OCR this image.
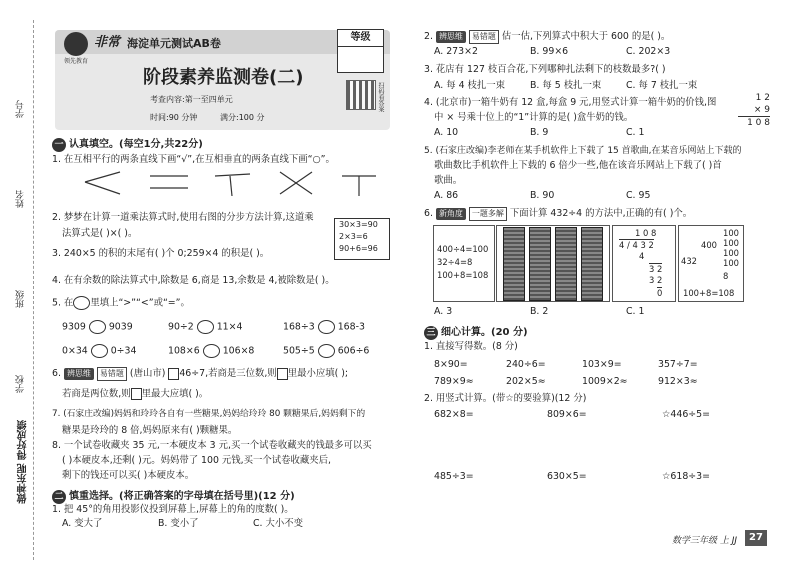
学号
姓名
班级
学校
做神东呢 得好成绩
领先教育
非常 海淀单元测试AB卷
阶段素养监测卷(二)
考查内容:第一至四单元
时间:90 分钟	满分:100 分
等级
扫码看答案
一 认真填空。(每空1分,共22分)
1. 在互相平行的两条直线下画“√”,在互相垂直的两条直线下画“○”。
2. 梦梦在计算一道乘法算式时,使用右图的分步方法计算,这道乘
法算式是( )×( )。
30×3=90
2×3=6
90+6=96
3. 240×5 的积的末尾有( )个 0;259×4 的积是( )。
4. 在有余数的除法算式中,除数是 6,商是 13,余数是 4,被除数是( )。
5. 在 里填上“>”“<”或“=”。
9309 9039	90÷2 11×4	168÷3 168-3
0×34 0÷34	108×6 106×8	505÷5 606÷6
6. 辨思维 易错题 (唐山市) 46÷7,若商是三位数,则 里最小应填( );
若商是两位数,则 里最大应填( )。
7. (石家庄改编)妈妈和玲玲各自有一些糖果,妈妈给玲玲 80 颗糖果后,妈妈剩下的
糖果是玲玲的 8 倍,妈妈原来有( )颗糖果。
8. 一个试卷收藏夹 35 元,一本硬皮本 3 元,买一个试卷收藏夹的钱最多可以买
( )本硬皮本,还剩( )元。妈妈带了 100 元钱,买一个试卷收藏夹后,
剩下的钱还可以买( )本硬皮本。
二 慎重选择。(将正确答案的字母填在括号里)(12 分)
1. 把 45°的角用投影仪投到屏幕上,屏幕上的角的度数( )。
A. 变大了	B. 变小了	C. 大小不变
2. 辨思维 易错题 估一估,下列算式中积大于 600 的是( )。
A. 273×2	B. 99×6	C. 202×3
3. 花店有 127 枝百合花,下列哪种扎法剩下的枝数最多?( )
A. 每 4 枝扎一束	B. 每 5 枝扎一束	C. 每 7 枝扎一束
4. (北京市)一箱牛奶有 12 盒,每盒 9 元,用竖式计算一箱牛奶的价钱,图
中 × 号乘十位上的“1”计算的是( )盒牛奶的钱。
A. 10	B. 9	C. 1
1 2
× 9
1 0 8
5. (石家庄改编)李老师在某手机软件上下载了 15 首歌曲,在某音乐网站上下载的
歌曲数比手机软件上下载的 6 倍少一些,他在该音乐网站上下载了( )首
歌曲。
A. 86	B. 90	C. 95
6. 新角度 一题多解 下面计算 432÷4 的方法中,正确的有( )个。
400÷4=100
32÷4=8
100+8=108
1 0 8
4 / 4 3 2
4
3 2
3 2
0
432
400
100
100
100
100
8
100+8=108
A. 3	B. 2	C. 1
三 细心计算。(20 分)
1. 直接写得数。(8 分)
8×90=	240÷6=	103×9=	357÷7=
789×9≈	202×5≈	1009×2≈	912×3≈
2. 用竖式计算。(带☆的要验算)(12 分)
682×8=	809×6=	☆446÷5=
485÷3=	630×5=	☆618÷3=
数学三年级 上 JJ	27
